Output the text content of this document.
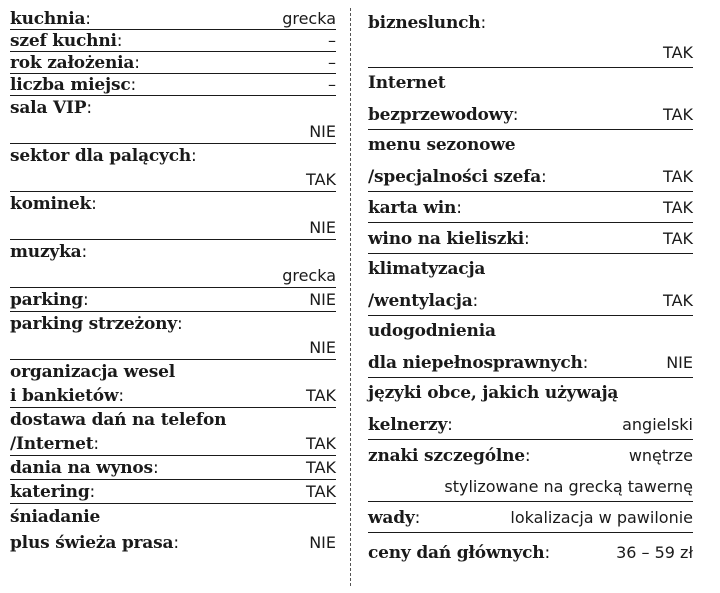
kuchnia:	grecka
szef kuchni:	–
rok założenia:	–
liczba miejsc:	–
sala VIP:
NIE
sektor dla palących:
TAK
kominek:
NIE
muzyka:
grecka
parking:	NIE
parking strzeżony:
NIE
organizacja wesel
i bankietów:	TAK
dostawa dań na telefon
/Internet:	TAK
dania na wynos:	TAK
katering:	TAK
śniadanie
plus świeża prasa:	NIE
bizneslunch:
TAK
Internet
bezprzewodowy:	TAK
menu sezonowe
/specjalności szefa:	TAK
karta win:	TAK
wino na kieliszki:	TAK
klimatyzacja
/wentylacja:	TAK
udogodnienia
dla niepełnosprawnych:	NIE
języki obce, jakich używają
kelnerzy:	angielski
znaki szczególne:	wnętrze
stylizowane na grecką tawernę
wady:	lokalizacja w pawilonie
ceny dań głównych:	36 – 59 zł
